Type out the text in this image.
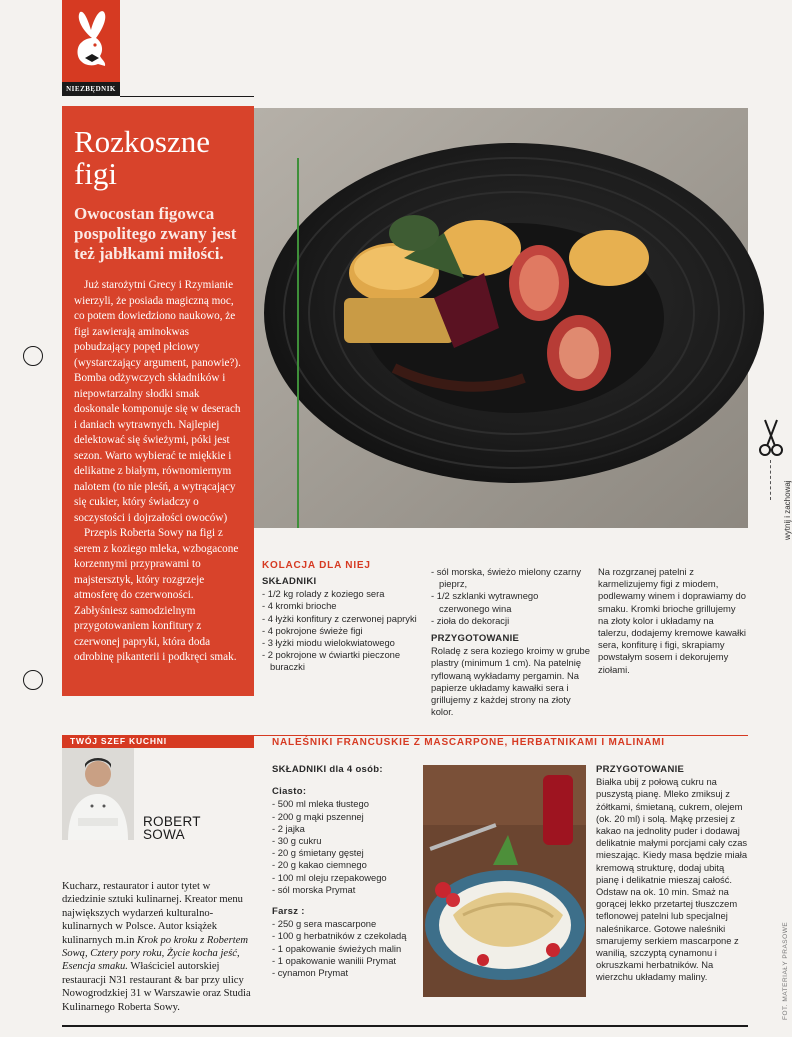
NIEZBĘDNIK
Rozkoszne figi
Owocostan figowca pospolitego zwany jest też jabłkami miłości.

Już starożytni Grecy i Rzymianie wierzyli, że posiada magiczną moc, co potem dowiedziono naukowo, że figi zawierają aminokwas pobudzający popęd płciowy (wystarczający argument, panowie?). Bomba odżywczych składników i niepowtarzalny słodki smak doskonale komponuje się w deserach i daniach wytrawnych. Najlepiej delektować się świeżymi, póki jest sezon. Warto wybierać te miękkie i delikatne z białym, równomiernym nalotem (to nie pleśń, a wytrącający się cukier, który świadczy o soczystości i dojrzałości owoców)

Przepis Roberta Sowy na figi z serem z koziego mleka, wzbogacone korzennymi przyprawami to majstersztyk, który rozgrzeje atmosferę do czerwoności. Zabłyśniesz samodzielnym przygotowaniem konfitury z czerwonej papryki, która doda odrobinę pikanterii i podkręci smak.

KOLACJA DLA NIEJ
SKŁADNIKI
- 1/2 kg rolady z koziego sera
- 4 kromki brioche
- 4 łyżki konfitury z czerwonej papryki
- 4 pokrojone świeże figi
- 3 łyżki miodu wielokwiatowego
- 2 pokrojone w ćwiartki pieczone buraczki
- sól morska, świeżo mielony czarny pieprz,
- 1/2 szklanki wytrawnego czerwonego wina
- zioła do dekoracji
PRZYGOTOWANIE
Roladę z sera koziego kroimy w grube plastry (minimum 1 cm). Na patelnię ryflowaną wykładamy pergamin. Na papierze układamy kawałki sera i grillujemy z każdej strony na złoty kolor.
Na rozgrzanej patelni z karmelizujemy figi z miodem, podlewamy winem i doprawiamy do smaku. Kromki brioche grillujemy na złoty kolor i układamy na talerzu, dodajemy kremowe kawałki sera, konfiturę i figi, skrapiamy powstałym sosem i dekorujemy ziołami.
TWÓJ SZEF KUCHNI
ROBERT
SOWA
Kucharz, restaurator i autor tytet w dziedzinie sztuki kulinarnej. Kreator menu największych wydarzeń kulturalno-kulinarnych w Polsce. Autor książek kulinarnych m.in Krok po kroku z Robertem Sową, Cztery pory roku, Życie kocha jeść, Esencja smaku. Właściciel autorskiej restauracji N31 restaurant & bar przy ulicy Nowogrodzkiej 31 w Warszawie oraz Studia Kulinarnego Roberta Sowy.
NALEŚNIKI FRANCUSKIE Z MASCARPONE, HERBATNIKAMI I MALINAMI
SKŁADNIKI dla 4 osób:
Ciasto:
- 500 ml mleka tłustego
- 200 g mąki pszennej
- 2 jajka
- 30 g cukru
- 20 g śmietany gęstej
- 20 g kakao ciemnego
- 100 ml oleju rzepakowego
- sól morska Prymat
Farsz :
- 250 g sera mascarpone
- 100 g herbatników z czekoladą
- 1 opakowanie świeżych malin
- 1 opakowanie wanilii Prymat
- cynamon Prymat
PRZYGOTOWANIE
Białka ubij z połową cukru na puszystą pianę. Mleko zmiksuj z żółtkami, śmietaną, cukrem, olejem (ok. 20 ml) i solą. Mąkę przesiej z kakao na jednolity puder i dodawaj delikatnie małymi porcjami cały czas mieszając. Kiedy masa będzie miała kremową strukturę, dodaj ubitą pianę i delikatnie mieszaj całość. Odstaw na ok. 10 min. Smaż na gorącej lekko przetartej tłuszczem teflonowej patelni lub specjalnej naleśnikarce. Gotowe naleśniki smarujemy serkiem mascarpone z wanilią, szczyptą cynamonu i okruszkami herbatników. Na wierzchu układamy maliny.
wytnij i zachowaj
FOT. MATERIAŁY PRASOWE
